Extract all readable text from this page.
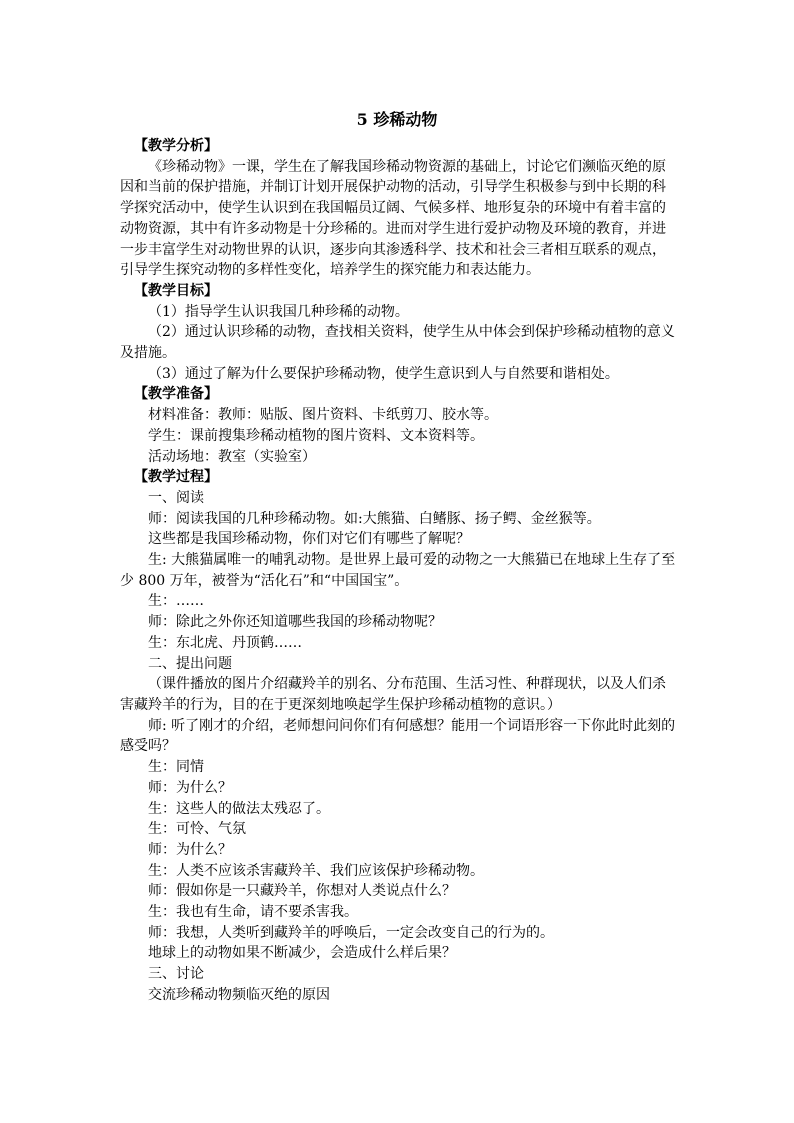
5 珍稀动物

【教学分析】

《珍稀动物》一课，学生在了解我国珍稀动物资源的基础上，讨论它们濒临灭绝的原因和当前的保护措施，并制订计划开展保护动物的活动，引导学生积极参与到中长期的科学探究活动中，使学生认识到在我国幅员辽阔、气候多样、地形复杂的环境中有着丰富的动物资源，其中有许多动物是十分珍稀的。进而对学生进行爱护动物及环境的教育，并进一步丰富学生对动物世界的认识，逐步向其渗透科学、技术和社会三者相互联系的观点，引导学生探究动物的多样性变化，培养学生的探究能力和表达能力。

【教学目标】

（1）指导学生认识我国几种珍稀的动物。

（2）通过认识珍稀的动物，查找相关资料，使学生从中体会到保护珍稀动植物的意义及措施。

（3）通过了解为什么要保护珍稀动物，使学生意识到人与自然要和谐相处。

【教学准备】

材料准备：教师：贴版、图片资料、卡纸剪刀、胶水等。

学生：课前搜集珍稀动植物的图片资料、文本资料等。

活动场地：教室（实验室）

【教学过程】

一、阅读

师：阅读我国的几种珍稀动物。如:大熊猫、白鳍豚、扬子鳄、金丝猴等。

这些都是我国珍稀动物，你们对它们有哪些了解呢？

生: 大熊猫属唯一的哺乳动物。是世界上最可爱的动物之一大熊猫已在地球上生存了至少 800 万年，被誉为“活化石”和“中国国宝”。

生：……

师：除此之外你还知道哪些我国的珍稀动物呢？

生：东北虎、丹顶鹤……

二、提出问题

（课件播放的图片介绍藏羚羊的别名、分布范围、生活习性、种群现状，以及人们杀害藏羚羊的行为，目的在于更深刻地唤起学生保护珍稀动植物的意识。）

师: 听了刚才的介绍，老师想问问你们有何感想？能用一个词语形容一下你此时此刻的感受吗？

生：同情

师：为什么？

生：这些人的做法太残忍了。

生：可怜、气氛

师：为什么？

生：人类不应该杀害藏羚羊、我们应该保护珍稀动物。

师：假如你是一只藏羚羊，你想对人类说点什么？

生：我也有生命，请不要杀害我。

师：我想，人类听到藏羚羊的呼唤后，一定会改变自己的行为的。

地球上的动物如果不断减少，会造成什么样后果？

三、讨论

交流珍稀动物频临灭绝的原因
